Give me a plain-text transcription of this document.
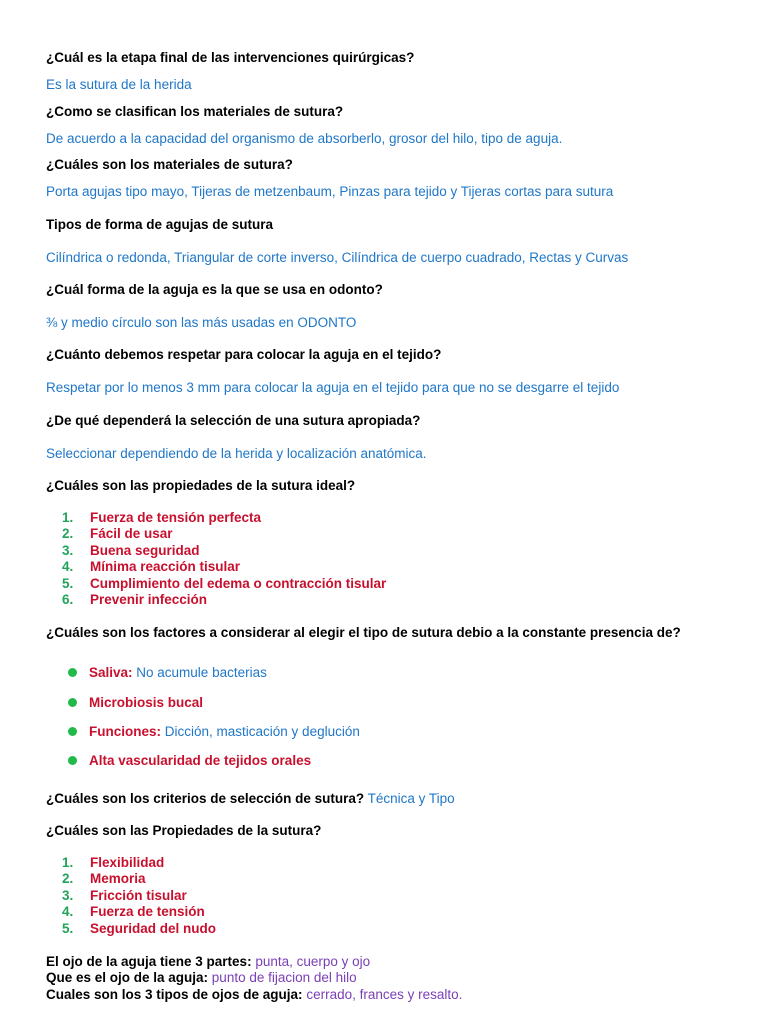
¿Cuál es la etapa final de las intervenciones quirúrgicas?
Es la sutura de la herida
¿Como se clasifican los materiales de sutura?
De acuerdo a la capacidad del organismo de absorberlo, grosor del hilo, tipo de aguja.
¿Cuáles son los materiales de sutura?
Porta agujas tipo mayo, Tijeras de metzenbaum, Pinzas para tejido y Tijeras cortas para sutura
Tipos de forma de agujas de sutura
Cilíndrica o redonda, Triangular de corte inverso, Cilíndrica de cuerpo cuadrado, Rectas y Curvas
¿Cuál forma de la aguja es la que se usa en odonto?
⅜ y medio círculo son las más usadas en ODONTO
¿Cuánto debemos respetar para colocar la aguja en el tejido?
Respetar por lo menos 3 mm para colocar la aguja en el tejido para que no se desgarre el tejido
¿De qué dependerá la selección de una sutura apropiada?
Seleccionar dependiendo de la herida y localización anatómica.
¿Cuáles son las propiedades de la sutura ideal?
1. Fuerza de tensión perfecta
2. Fácil de usar
3. Buena seguridad
4. Mínima reacción tisular
5. Cumplimiento del edema o contracción tisular
6. Prevenir infección
¿Cuáles son los factores a considerar al elegir el tipo de sutura debio a la constante presencia de?
Saliva: No acumule bacterias
Microbiosis bucal
Funciones: Dicción, masticación y deglución
Alta vascularidad de tejidos orales
¿Cuáles son los criterios de selección de sutura? Técnica y Tipo
¿Cuáles son las Propiedades de la sutura?
1. Flexibilidad
2. Memoria
3. Fricción tisular
4. Fuerza de tensión
5. Seguridad del nudo
El ojo de la aguja tiene 3 partes: punta, cuerpo y ojo
Que es el ojo de la aguja: punto de fijacion del hilo
Cuales son los 3 tipos de ojos de aguja: cerrado, frances y resalto.
